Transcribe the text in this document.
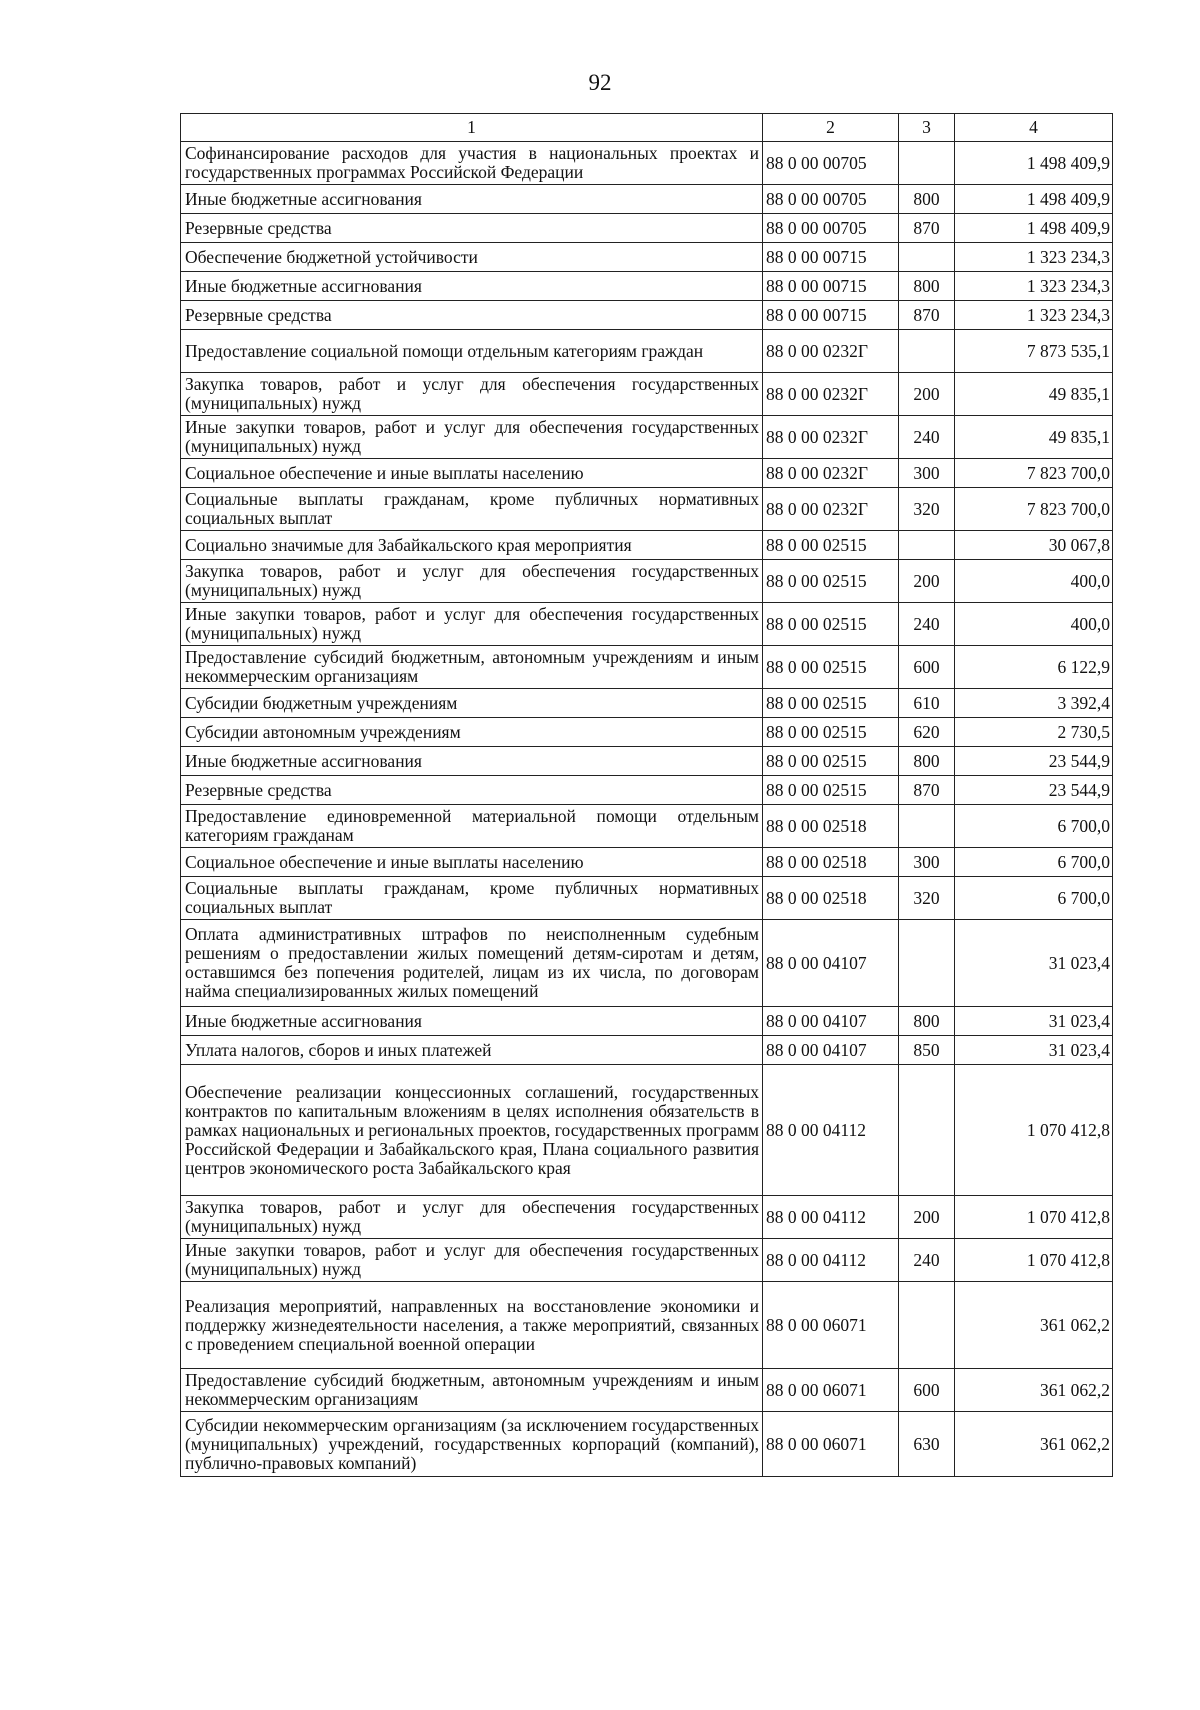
92
1	2	3	4
Софинансирование расходов для участия в национальных проектах и государственных программах Российской Федерации	88 0 00 00705		1 498 409,9
Иные бюджетные ассигнования	88 0 00 00705	800	1 498 409,9
Резервные средства	88 0 00 00705	870	1 498 409,9
Обеспечение бюджетной устойчивости	88 0 00 00715		1 323 234,3
Иные бюджетные ассигнования	88 0 00 00715	800	1 323 234,3
Резервные средства	88 0 00 00715	870	1 323 234,3
Предоставление социальной помощи отдельным категориям граждан	88 0 00 0232Г		7 873 535,1
Закупка товаров, работ и услуг для обеспечения государственных (муниципальных) нужд	88 0 00 0232Г	200	49 835,1
Иные закупки товаров, работ и услуг для обеспечения государственных (муниципальных) нужд	88 0 00 0232Г	240	49 835,1
Социальное обеспечение и иные выплаты населению	88 0 00 0232Г	300	7 823 700,0
Социальные выплаты гражданам, кроме публичных нормативных социальных выплат	88 0 00 0232Г	320	7 823 700,0
Социально значимые для Забайкальского края мероприятия	88 0 00 02515		30 067,8
Закупка товаров, работ и услуг для обеспечения государственных (муниципальных) нужд	88 0 00 02515	200	400,0
Иные закупки товаров, работ и услуг для обеспечения государственных (муниципальных) нужд	88 0 00 02515	240	400,0
Предоставление субсидий бюджетным, автономным учреждениям и иным некоммерческим организациям	88 0 00 02515	600	6 122,9
Субсидии бюджетным учреждениям	88 0 00 02515	610	3 392,4
Субсидии автономным учреждениям	88 0 00 02515	620	2 730,5
Иные бюджетные ассигнования	88 0 00 02515	800	23 544,9
Резервные средства	88 0 00 02515	870	23 544,9
Предоставление единовременной материальной помощи отдельным категориям гражданам	88 0 00 02518		6 700,0
Социальное обеспечение и иные выплаты населению	88 0 00 02518	300	6 700,0
Социальные выплаты гражданам, кроме публичных нормативных социальных выплат	88 0 00 02518	320	6 700,0
Оплата административных штрафов по неисполненным судебным решениям о предоставлении жилых помещений детям-сиротам и детям, оставшимся без попечения родителей, лицам из их числа, по договорам найма специализированных жилых помещений	88 0 00 04107		31 023,4
Иные бюджетные ассигнования	88 0 00 04107	800	31 023,4
Уплата налогов, сборов и иных платежей	88 0 00 04107	850	31 023,4
Обеспечение реализации концессионных соглашений, государственных контрактов по капитальным вложениям в целях исполнения обязательств в рамках национальных и региональных проектов, государственных программ Российской Федерации и Забайкальского края, Плана социального развития центров экономического роста Забайкальского края	88 0 00 04112		1 070 412,8
Закупка товаров, работ и услуг для обеспечения государственных (муниципальных) нужд	88 0 00 04112	200	1 070 412,8
Иные закупки товаров, работ и услуг для обеспечения государственных (муниципальных) нужд	88 0 00 04112	240	1 070 412,8
Реализация мероприятий, направленных на восстановление экономики и поддержку жизнедеятельности населения, а также мероприятий, связанных с проведением специальной военной операции	88 0 00 06071		361 062,2
Предоставление субсидий бюджетным, автономным учреждениям и иным некоммерческим организациям	88 0 00 06071	600	361 062,2
Субсидии некоммерческим организациям (за исключением государственных (муниципальных) учреждений, государственных корпораций (компаний), публично-правовых компаний)	88 0 00 06071	630	361 062,2
